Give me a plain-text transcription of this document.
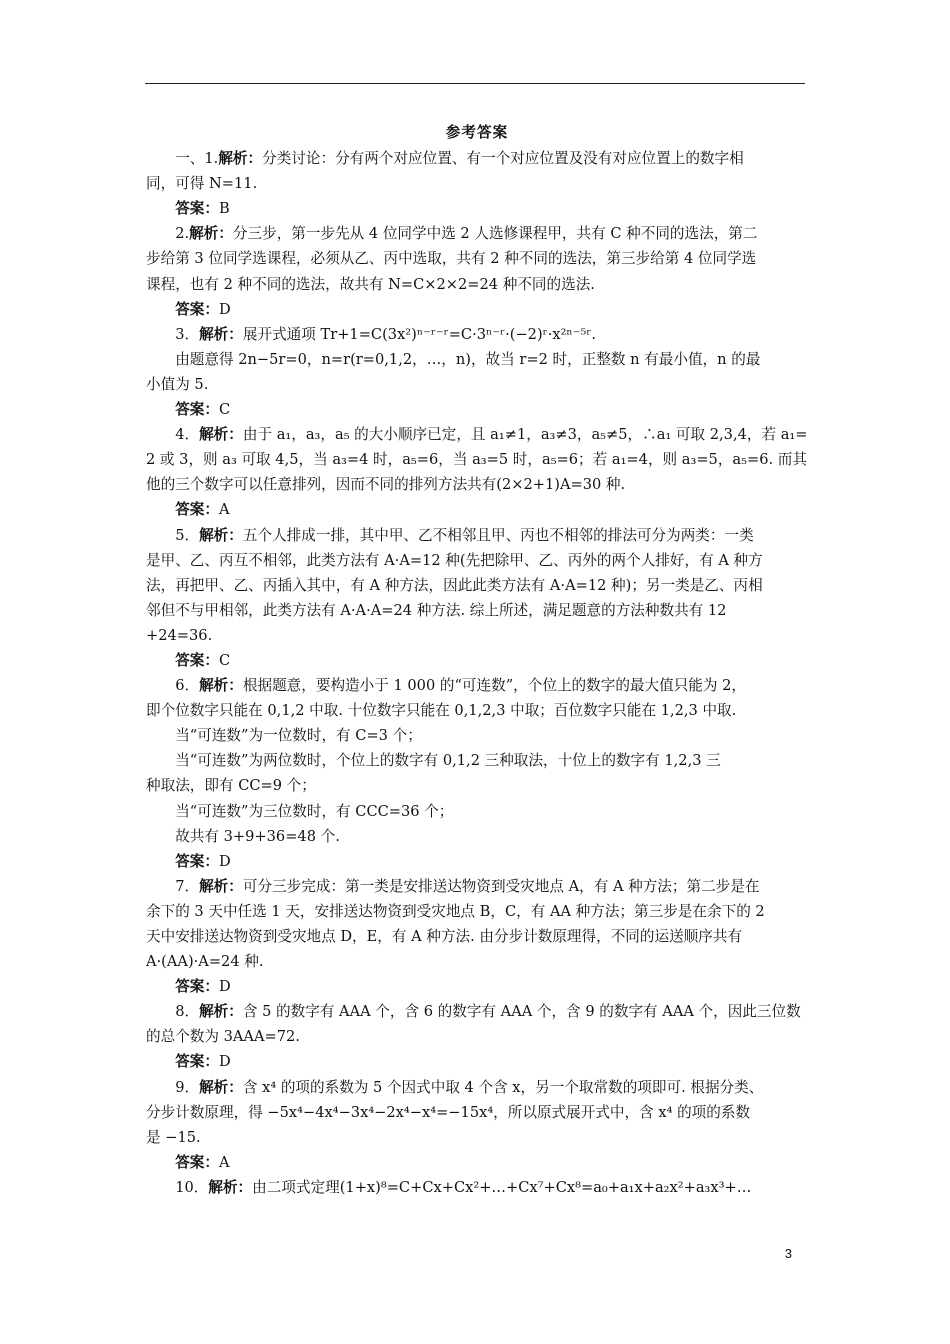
参考答案

一、1.解析：分类讨论：分有两个对应位置、有一个对应位置及没有对应位置上的数字相

同，可得 N=11.

答案：B

2.解析：分三步，第一步先从 4 位同学中选 2 人选修课程甲，共有 C 种不同的选法，第二

步给第 3 位同学选课程，必须从乙、丙中选取，共有 2 种不同的选法，第三步给第 4 位同学选

课程，也有 2 种不同的选法，故共有 N=C×2×2=24 种不同的选法.

答案：D

3．解析：展开式通项 Tr+1=C(3x²)ⁿ⁻ʳ⁻ʳ=C·3ⁿ⁻ʳ·(−2)ʳ·x²ⁿ⁻⁵ʳ.

由题意得 2n−5r=0，n=r(r=0,1,2，…，n)，故当 r=2 时，正整数 n 有最小值，n 的最

小值为 5.

答案：C

4．解析：由于 a₁，a₃，a₅ 的大小顺序已定，且 a₁≠1，a₃≠3，a₅≠5，∴a₁ 可取 2,3,4，若 a₁=

2 或 3，则 a₃ 可取 4,5，当 a₃=4 时，a₅=6，当 a₃=5 时，a₅=6；若 a₁=4，则 a₃=5，a₅=6. 而其

他的三个数字可以任意排列，因而不同的排列方法共有(2×2+1)A=30 种.

答案：A

5．解析：五个人排成一排，其中甲、乙不相邻且甲、丙也不相邻的排法可分为两类：一类

是甲、乙、丙互不相邻，此类方法有 A·A=12 种(先把除甲、乙、丙外的两个人排好，有 A 种方

法，再把甲、乙、丙插入其中，有 A 种方法，因此此类方法有 A·A=12 种)；另一类是乙、丙相

邻但不与甲相邻，此类方法有 A·A·A=24 种方法. 综上所述，满足题意的方法种数共有 12

+24=36.

答案：C

6．解析：根据题意，要构造小于 1 000 的“可连数”，个位上的数字的最大值只能为 2，

即个位数字只能在 0,1,2 中取. 十位数字只能在 0,1,2,3 中取；百位数字只能在 1,2,3 中取.

当“可连数”为一位数时，有 C=3 个；

当“可连数”为两位数时，个位上的数字有 0,1,2 三种取法，十位上的数字有 1,2,3 三

种取法，即有 CC=9 个；

当“可连数”为三位数时，有 CCC=36 个；

故共有 3+9+36=48 个.

答案：D

7．解析：可分三步完成：第一类是安排送达物资到受灾地点 A，有 A 种方法；第二步是在

余下的 3 天中任选 1 天，安排送达物资到受灾地点 B，C，有 AA 种方法；第三步是在余下的 2

天中安排送达物资到受灾地点 D，E，有 A 种方法. 由分步计数原理得，不同的运送顺序共有

A·(AA)·A=24 种.

答案：D

8．解析：含 5 的数字有 AAA 个，含 6 的数字有 AAA 个，含 9 的数字有 AAA 个，因此三位数

的总个数为 3AAA=72.

答案：D

9．解析：含 x⁴ 的项的系数为 5 个因式中取 4 个含 x，另一个取常数的项即可. 根据分类、

分步计数原理，得 −5x⁴−4x⁴−3x⁴−2x⁴−x⁴=−15x⁴，所以原式展开式中，含 x⁴ 的项的系数

是 −15.

答案：A

10．解析：由二项式定理(1+x)⁸=C+Cx+Cx²+…+Cx⁷+Cx⁸=a₀+a₁x+a₂x²+a₃x³+…

3
